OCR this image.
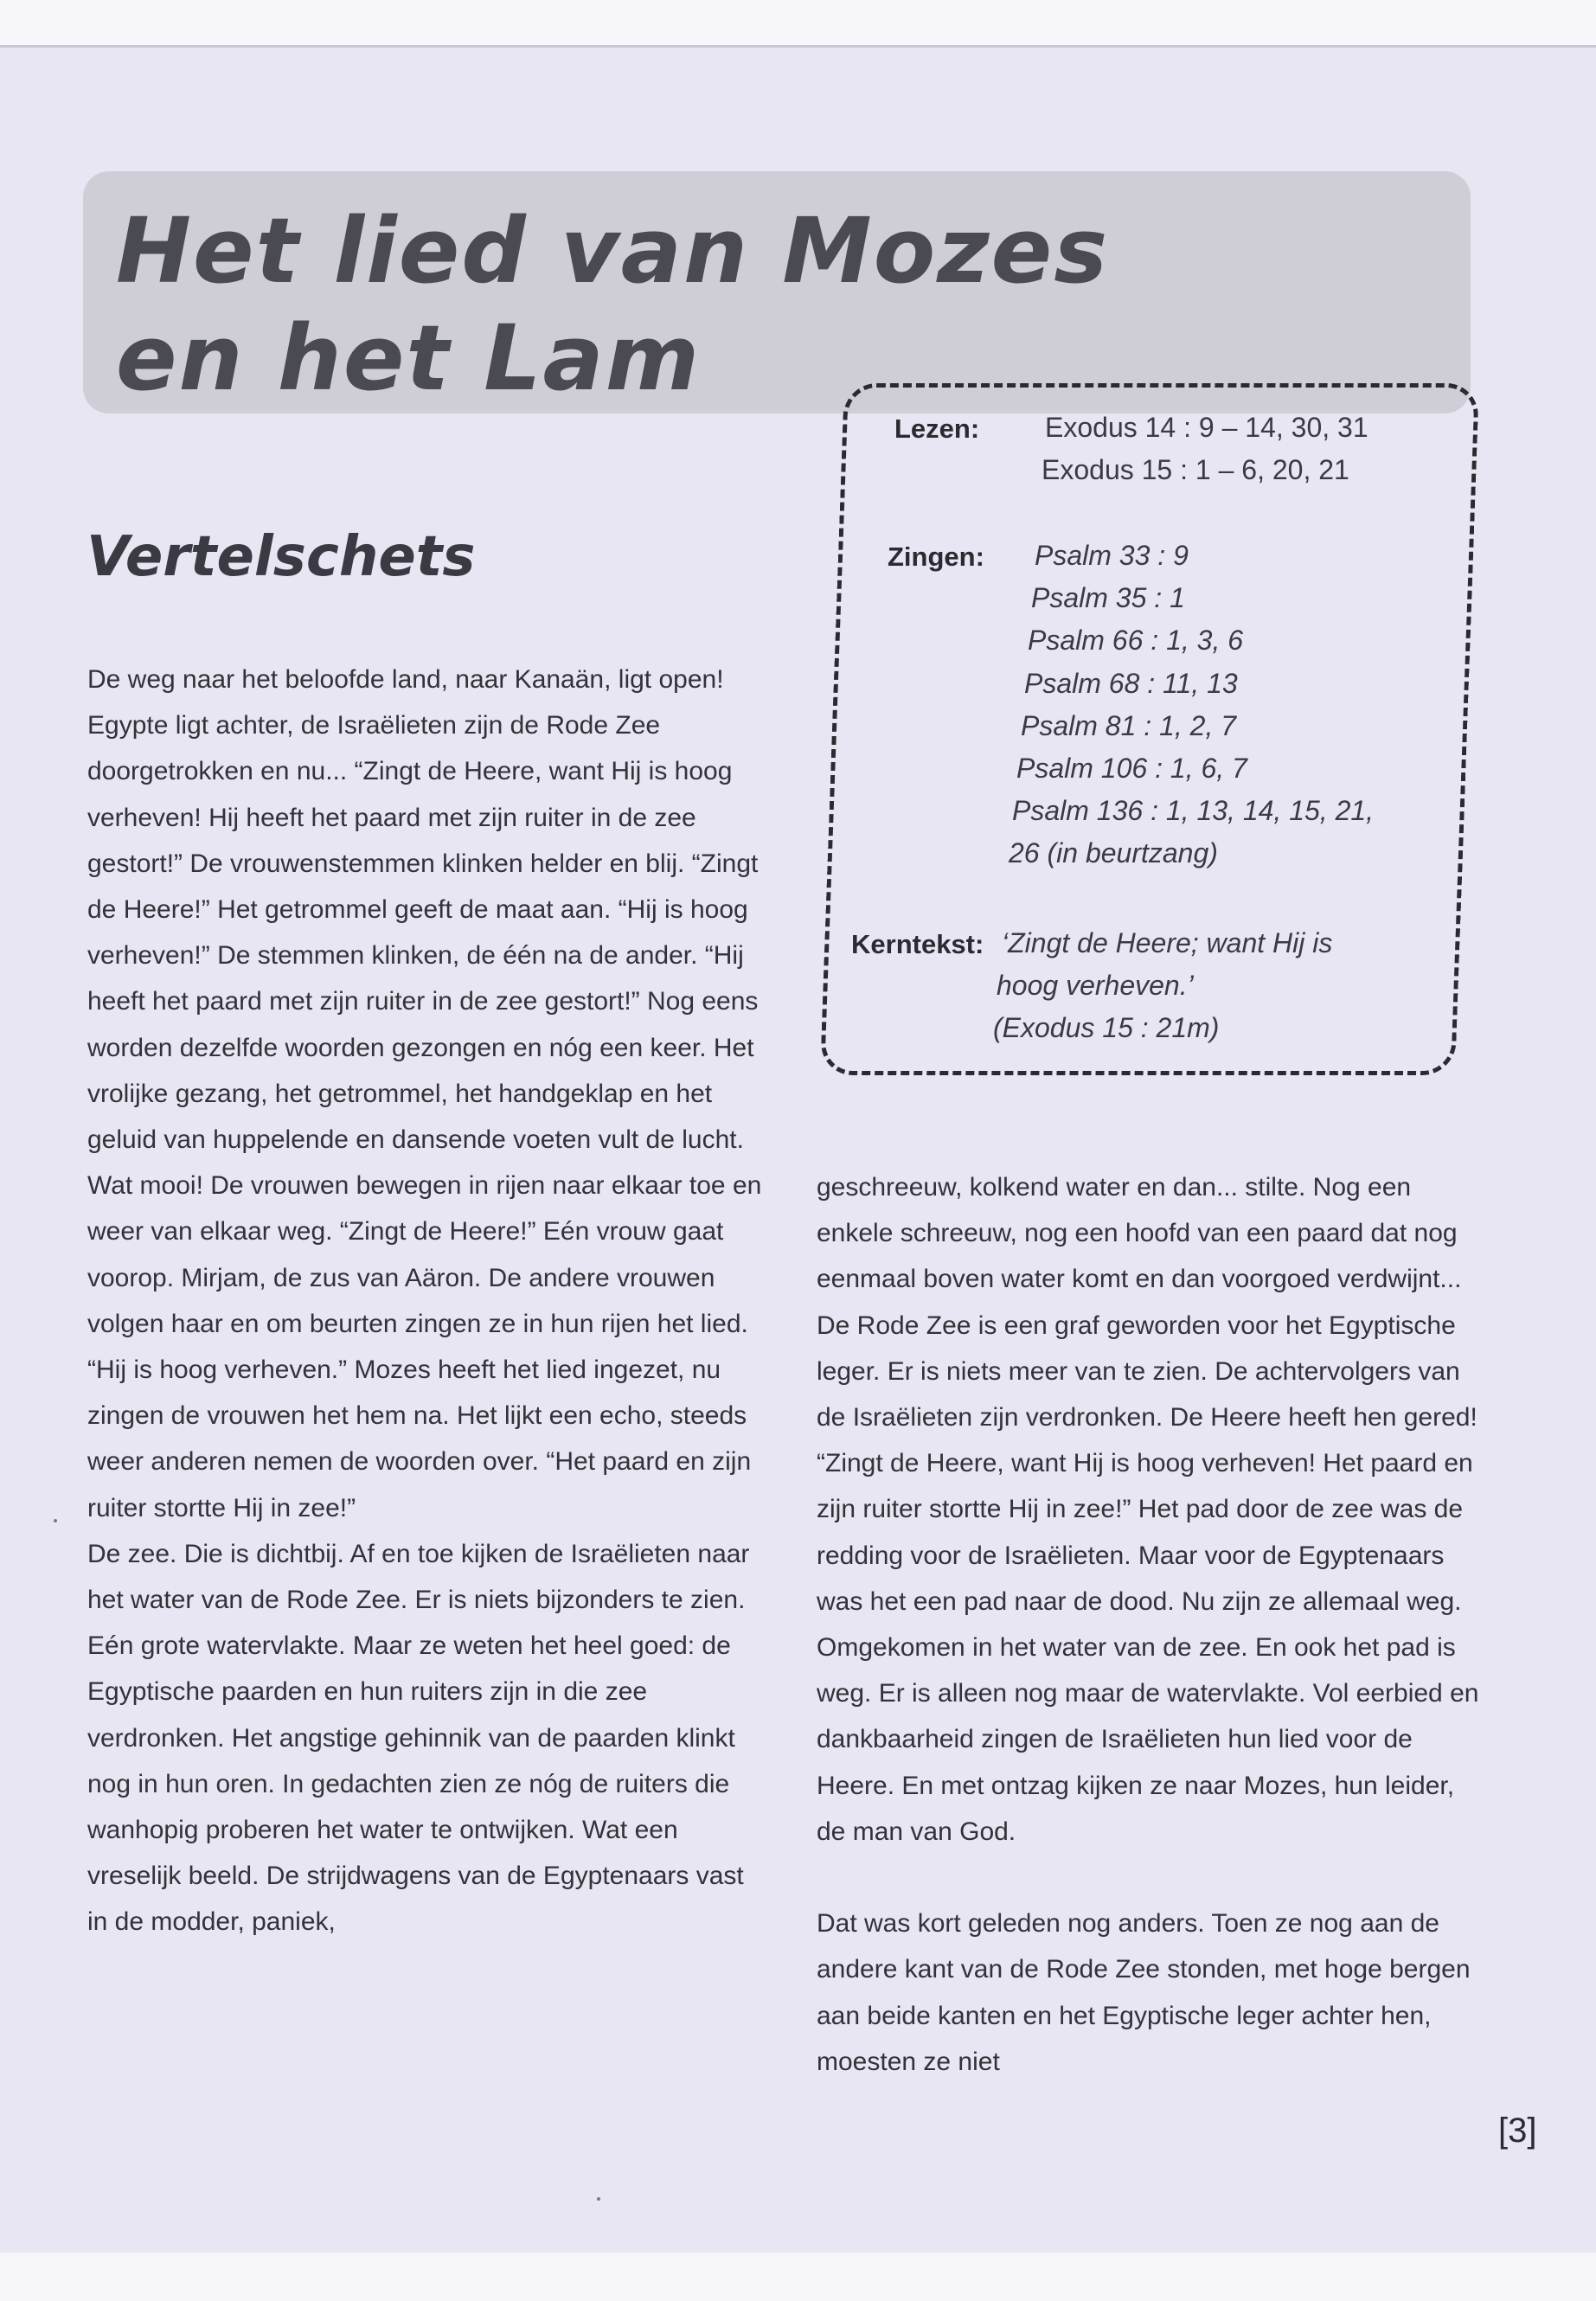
Het lied van Mozes
en het Lam
Vertelschets
Lezen: Exodus 14 : 9 – 14, 30, 31
Exodus 15 : 1 – 6, 20, 21
Zingen: Psalm 33 : 9
Psalm 35 : 1
Psalm 66 : 1, 3, 6
Psalm 68 : 11, 13
Psalm 81 : 1, 2, 7
Psalm 106 : 1, 6, 7
Psalm 136 : 1, 13, 14, 15, 21,
26 (in beurtzang)
Kerntekst: ‘Zingt de Heere; want Hij is
hoog verheven.’
(Exodus 15 : 21m)

De weg naar het beloofde land, naar Kanaän, ligt open! Egypte ligt achter, de Israëlieten zijn de Rode Zee doorgetrokken en nu... “Zingt de Heere, want Hij is hoog verheven! Hij heeft het paard met zijn ruiter in de zee gestort!” De vrouwenstemmen klinken helder en blij. “Zingt de Heere!” Het getrommel geeft de maat aan. “Hij is hoog verheven!” De stemmen klinken, de één na de ander. “Hij heeft het paard met zijn ruiter in de zee gestort!” Nog eens worden dezelfde woorden gezongen en nóg een keer. Het vrolijke gezang, het getrommel, het handgeklap en het geluid van huppelende en dansende voeten vult de lucht. Wat mooi! De vrouwen bewegen in rijen naar elkaar toe en weer van elkaar weg. “Zingt de Heere!” Eén vrouw gaat voorop. Mirjam, de zus van Aäron. De andere vrouwen volgen haar en om beurten zingen ze in hun rijen het lied. “Hij is hoog verheven.” Mozes heeft het lied ingezet, nu zingen de vrouwen het hem na. Het lijkt een echo, steeds weer anderen nemen de woorden over. “Het paard en zijn ruiter stortte Hij in zee!”

De zee. Die is dichtbij. Af en toe kijken de Israëlieten naar het water van de Rode Zee. Er is niets bijzonders te zien. Eén grote watervlakte. Maar ze weten het heel goed: de Egyptische paarden en hun ruiters zijn in die zee verdronken. Het angstige gehinnik van de paarden klinkt nog in hun oren. In gedachten zien ze nóg de ruiters die wanhopig proberen het water te ontwijken. Wat een vreselijk beeld. De strijdwagens van de Egyptenaars vast in de modder, paniek,

geschreeuw, kolkend water en dan... stilte. Nog een enkele schreeuw, nog een hoofd van een paard dat nog eenmaal boven water komt en dan voorgoed verdwijnt... De Rode Zee is een graf geworden voor het Egyptische leger. Er is niets meer van te zien. De achtervolgers van de Israëlieten zijn verdronken. De Heere heeft hen gered! “Zingt de Heere, want Hij is hoog verheven! Het paard en zijn ruiter stortte Hij in zee!” Het pad door de zee was de redding voor de Israëlieten. Maar voor de Egyptenaars was het een pad naar de dood. Nu zijn ze allemaal weg. Omgekomen in het water van de zee. En ook het pad is weg. Er is alleen nog maar de watervlakte. Vol eerbied en dankbaarheid zingen de Israëlieten hun lied voor de Heere. En met ontzag kijken ze naar Mozes, hun leider, de man van God.

Dat was kort geleden nog anders. Toen ze nog aan de andere kant van de Rode Zee stonden, met hoge bergen aan beide kanten en het Egyptische leger achter hen, moesten ze niet

[3]
